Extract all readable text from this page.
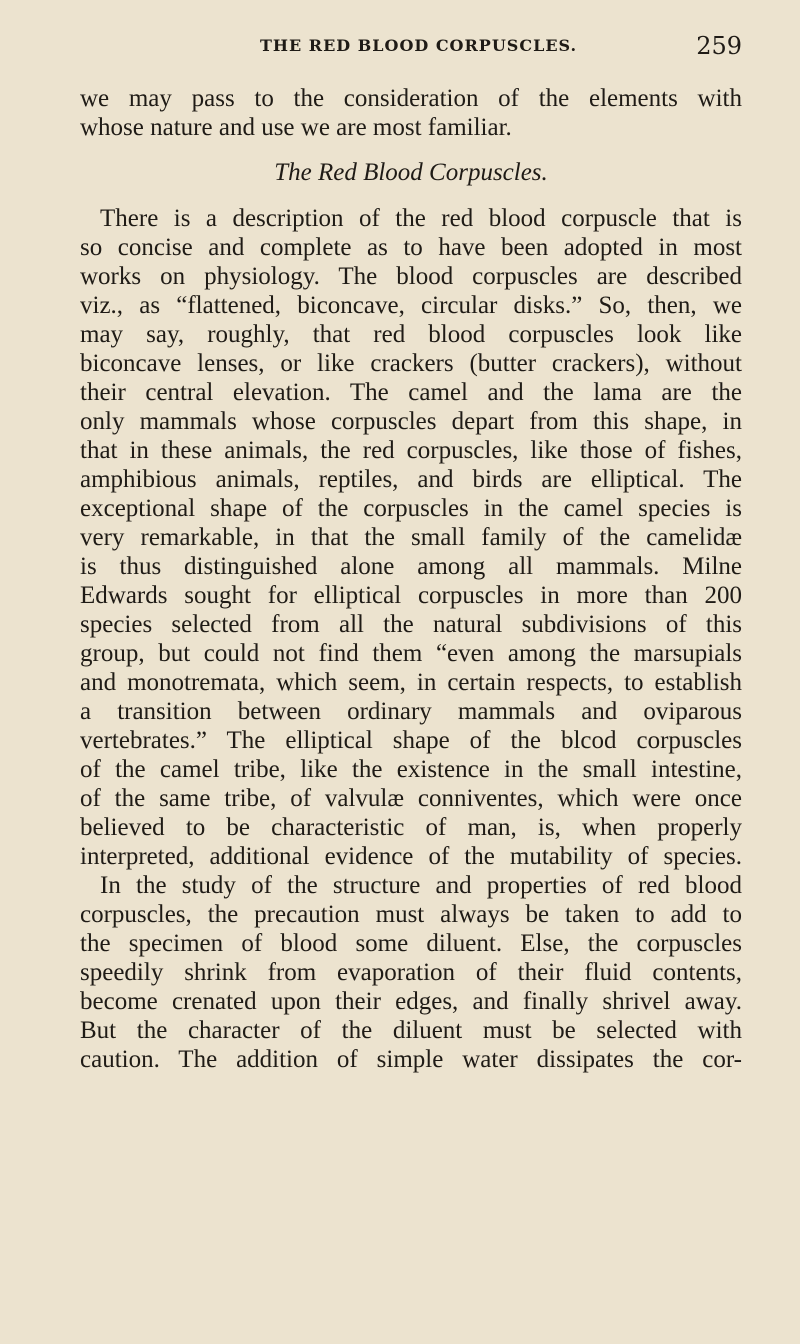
THE RED BLOOD CORPUSCLES.	259
we may pass to the consideration of the elements with
whose nature and use we are most familiar.
The Red Blood Corpuscles.
There is a description of the red blood corpuscle that is
so concise and complete as to have been adopted in most
works on physiology. The blood corpuscles are described
viz., as “flattened, biconcave, circular disks.” So, then, we
may say, roughly, that red blood corpuscles look like
biconcave lenses, or like crackers (butter crackers), without
their central elevation. The camel and the lama are the
only mammals whose corpuscles depart from this shape, in
that in these animals, the red corpuscles, like those of fishes,
amphibious animals, reptiles, and birds are elliptical. The
exceptional shape of the corpuscles in the camel species is
very remarkable, in that the small family of the camelidæ
is thus distinguished alone among all mammals. Milne
Edwards sought for elliptical corpuscles in more than 200
species selected from all the natural subdivisions of this
group, but could not find them “even among the marsupials
and monotremata, which seem, in certain respects, to establish
a transition between ordinary mammals and oviparous
vertebrates.” The elliptical shape of the blcod corpuscles
of the camel tribe, like the existence in the small intestine,
of the same tribe, of valvulæ conniventes, which were once
believed to be characteristic of man, is, when properly
interpreted, additional evidence of the mutability of species.
In the study of the structure and properties of red blood
corpuscles, the precaution must always be taken to add to
the specimen of blood some diluent. Else, the corpuscles
speedily shrink from evaporation of their fluid contents,
become crenated upon their edges, and finally shrivel away.
But the character of the diluent must be selected with
caution. The addition of simple water dissipates the cor-
